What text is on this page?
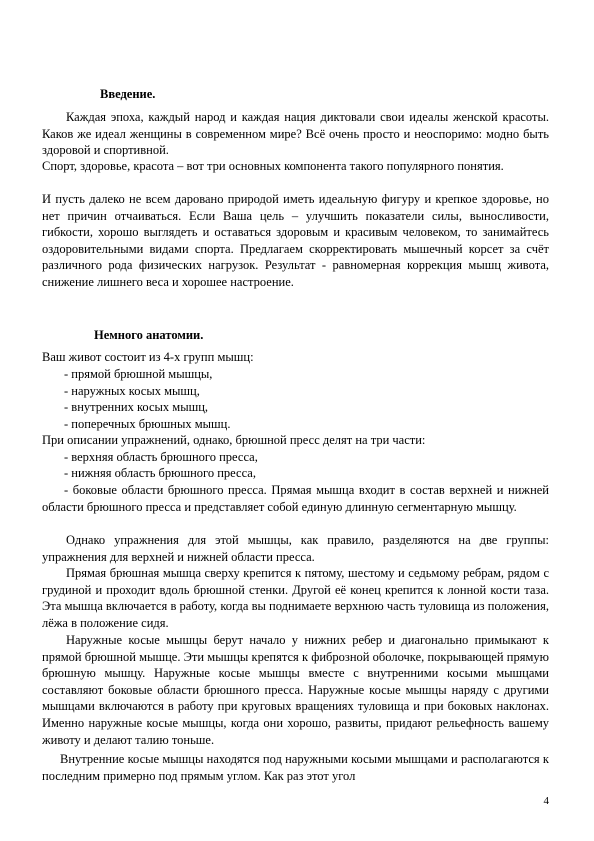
Введение.

Каждая эпоха, каждый народ и каждая нация диктовали свои идеалы женской красоты. Каков же идеал женщины в современном мире? Всё очень просто и неоспоримо: модно быть здоровой и спортивной.

Спорт, здоровье, красота – вот три основных компонента такого популярного понятия.

И пусть далеко не всем даровано природой иметь идеальную фигуру и крепкое здоровье, но нет причин отчаиваться. Если Ваша цель – улучшить показатели силы, выносливости, гибкости, хорошо выглядеть и оставаться здоровым и красивым человеком, то занимайтесь оздоровительными видами спорта. Предлагаем скорректировать мышечный корсет за счёт различного рода физических нагрузок. Результат - равномерная коррекция мышц живота, снижение лишнего веса и хорошее настроение.

Немного анатомии.

Ваш живот состоит из 4-х групп мышц:

- прямой брюшной мышцы,

- наружных косых мышц,

- внутренних косых мышц,

- поперечных брюшных мышц.

При описании упражнений, однако, брюшной пресс делят на три части:

- верхняя область брюшного пресса,

- нижняя область брюшного пресса,

- боковые области брюшного пресса. Прямая мышца входит в состав верхней и нижней области брюшного пресса и представляет собой единую длинную сегментарную мышцу.

Однако упражнения для этой мышцы, как правило, разделяются на две группы: упражнения для верхней и нижней области пресса.

Прямая брюшная мышца сверху крепится к пятому, шестому и седьмому ребрам, рядом с грудиной и проходит вдоль брюшной стенки. Другой её конец крепится к лонной кости таза. Эта мышца включается в работу, когда вы поднимаете верхнюю часть туловища из положения, лёжа в положение сидя.

Наружные косые мышцы берут начало у нижних ребер и диагонально примыкают к прямой брюшной мышце. Эти мышцы крепятся к фиброзной оболочке, покрывающей прямую брюшную мышцу. Наружные косые мышцы вместе с внутренними косыми мышцами составляют боковые области брюшного пресса. Наружные косые мышцы наряду с другими мышцами включаются в работу при круговых вращениях туловища и при боковых наклонах. Именно наружные косые мышцы, когда они хорошо, развиты, придают рельефность вашему животу и делают талию тоньше.

Внутренние косые мышцы находятся под наружными косыми мышцами и располагаются к последним примерно под прямым углом. Как раз этот угол

4
